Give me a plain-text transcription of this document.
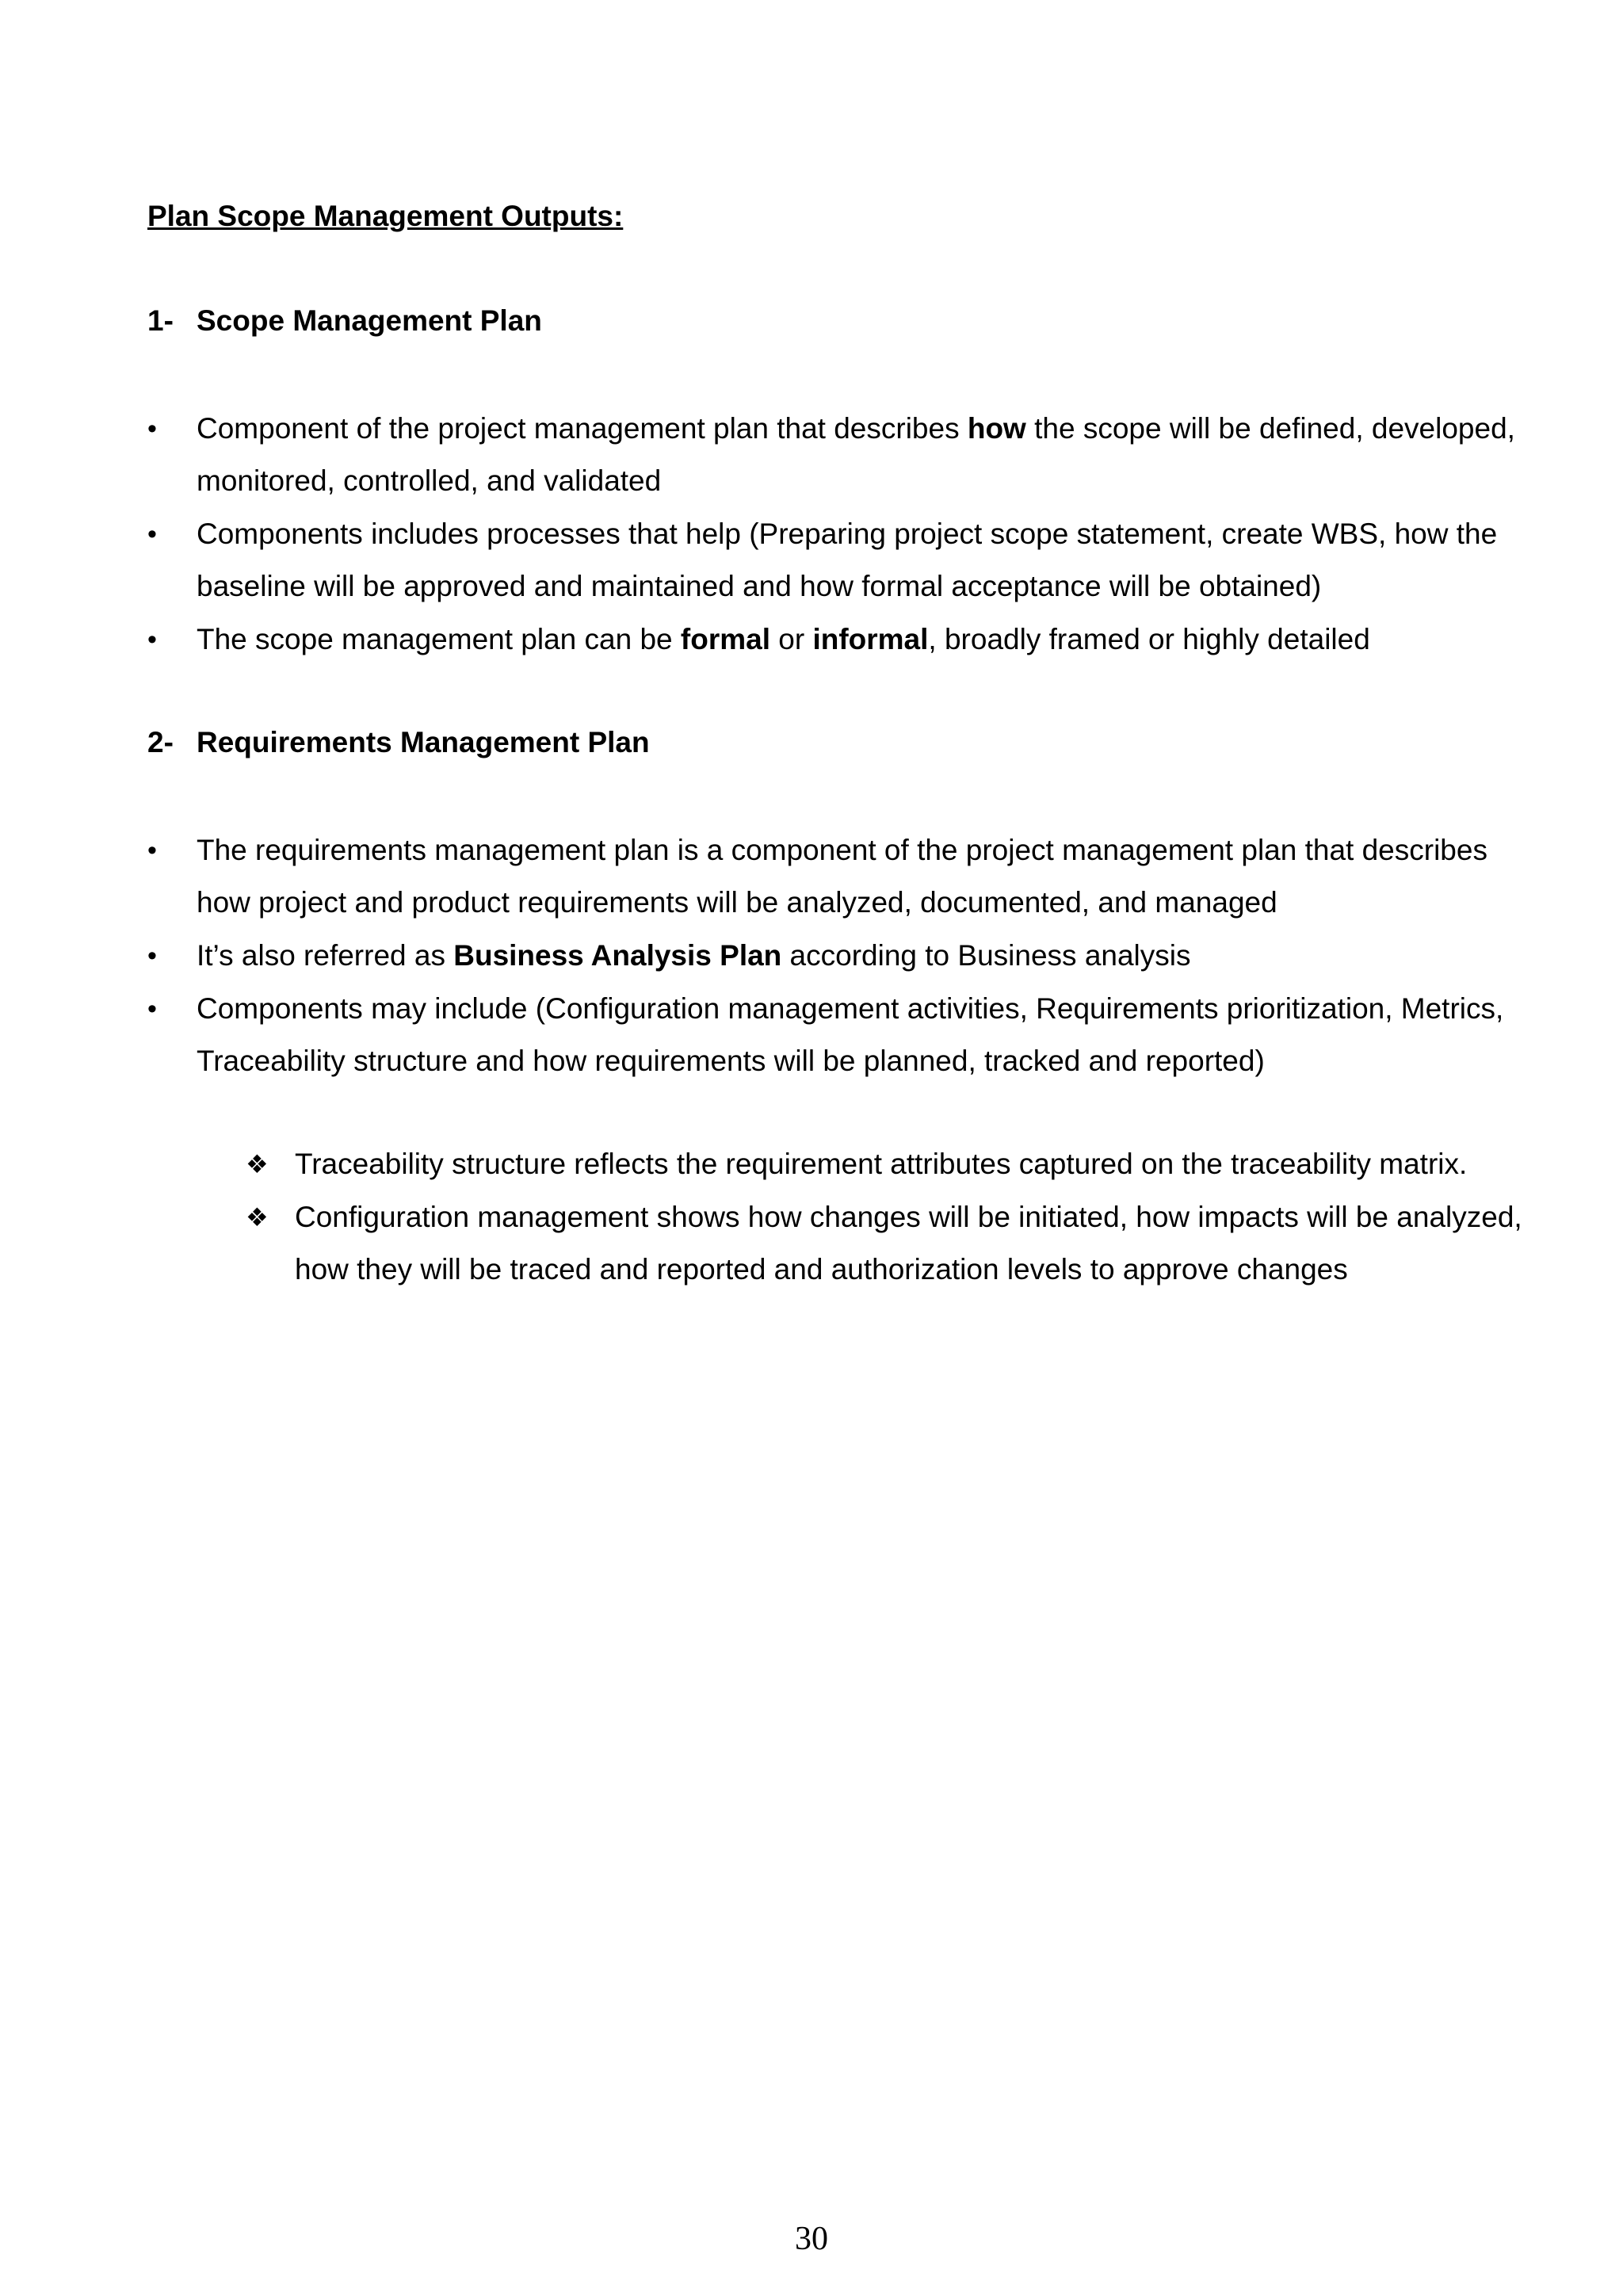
Plan Scope Management Outputs:
1- Scope Management Plan
• Component of the project management plan that describes how the scope will be defined, developed, monitored, controlled, and validated
• Components includes processes that help (Preparing project scope statement, create WBS, how the baseline will be approved and maintained and how formal acceptance will be obtained)
• The scope management plan can be formal or informal, broadly framed or highly detailed
2- Requirements Management Plan
• The requirements management plan is a component of the project management plan that describes how project and product requirements will be analyzed, documented, and managed
• It’s also referred as Business Analysis Plan according to Business analysis
• Components may include (Configuration management activities, Requirements prioritization, Metrics, Traceability structure and how requirements will be planned, tracked and reported)
❖ Traceability structure reflects the requirement attributes captured on the traceability matrix.
❖ Configuration management shows how changes will be initiated, how impacts will be analyzed, how they will be traced and reported and authorization levels to approve changes
30
